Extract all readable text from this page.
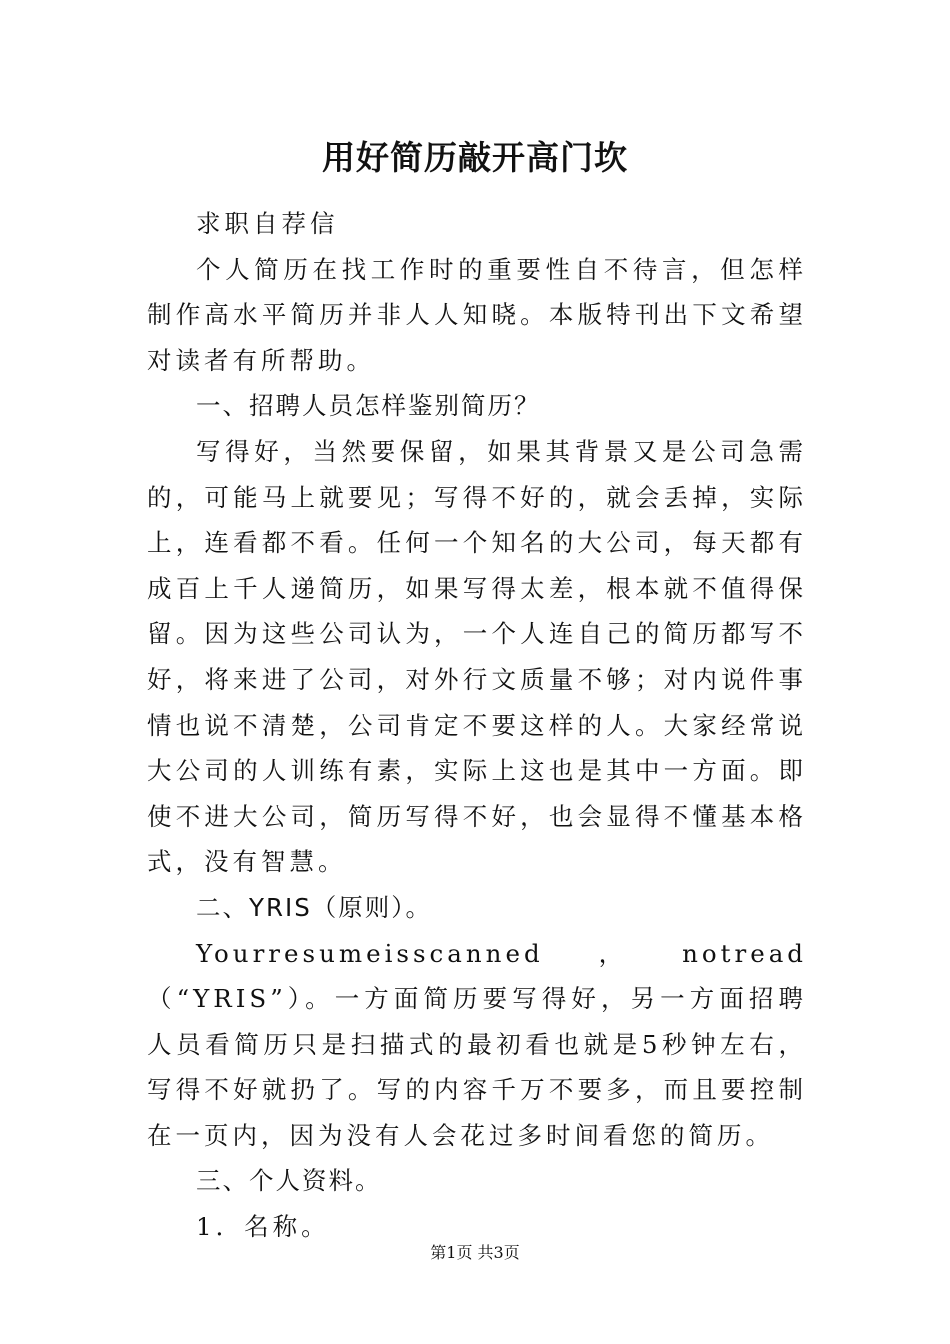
用好简历敲开高门坎

求职自荐信

个人简历在找工作时的重要性自不待言，但怎样制作高水平简历并非人人知晓。本版特刊出下文希望对读者有所帮助。

一、招聘人员怎样鉴别简历？

写得好，当然要保留，如果其背景又是公司急需的，可能马上就要见；写得不好的，就会丢掉，实际上，连看都不看。任何一个知名的大公司，每天都有成百上千人递简历，如果写得太差，根本就不值得保留。因为这些公司认为，一个人连自己的简历都写不好，将来进了公司，对外行文质量不够；对内说件事情也说不清楚，公司肯定不要这样的人。大家经常说大公司的人训练有素，实际上这也是其中一方面。即使不进大公司，简历写得不好，也会显得不懂基本格式，没有智慧。

二、YRIS（原则）。

Yourresumeisscanned，notread（“YRIS”）。一方面简历要写得好，另一方面招聘人员看简历只是扫描式的最初看也就是5秒钟左右，写得不好就扔了。写的内容千万不要多，而且要控制在一页内，因为没有人会花过多时间看您的简历。

三、个人资料。

1．名称。

第1页 共3页
